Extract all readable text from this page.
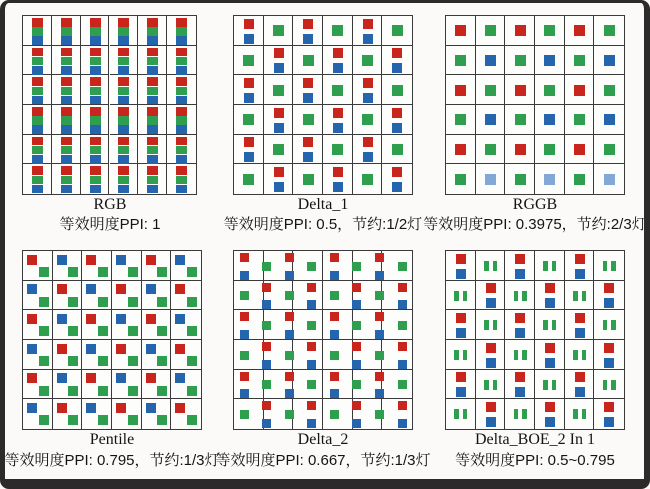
RGB
等效明度PPI: 1
Delta_1
等效明度PPI: 0.5，节约:1/2灯
RGGB
等效明度PPI: 0.3975，节约:2/3灯
Pentile
等效明度PPI: 0.795，节约:1/3灯
Delta_2
等效明度PPI: 0.667，节约:1/3灯
Delta_BOE_2 In 1
等效明度PPI: 0.5~0.795
